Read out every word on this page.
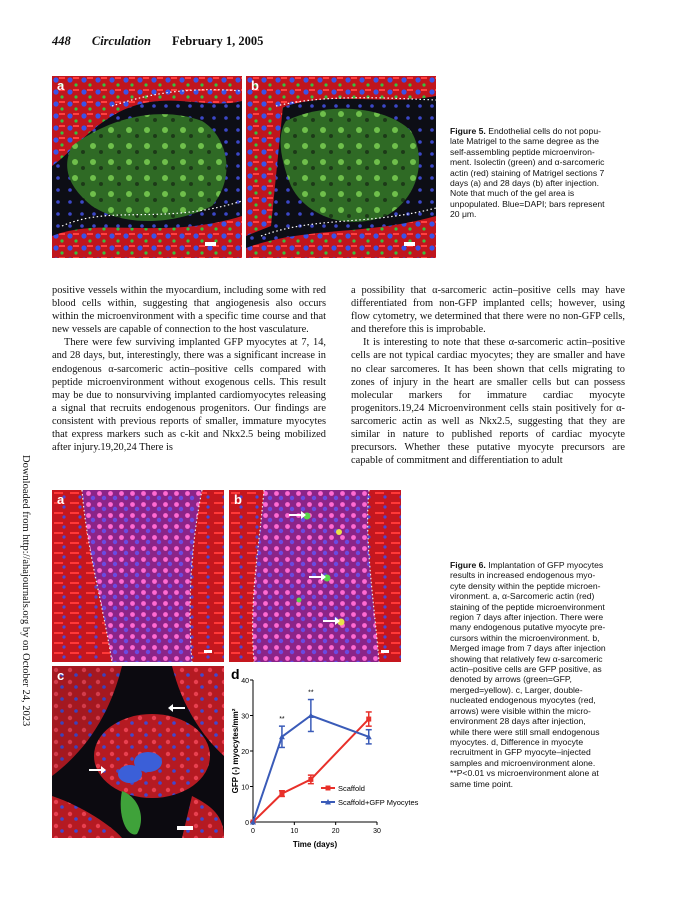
448 Circulation February 1, 2005
Downloaded from http://ahajournals.org by on October 24, 2023
a	b
Figure 5. Endothelial cells do not popu-
late Matrigel to the same degree as the
self-assembling peptide microenviron-
ment. Isolectin (green) and α-sarcomeric
actin (red) staining of Matrigel sections 7
days (a) and 28 days (b) after injection.
Note that much of the gel area is
unpopulated. Blue=DAPI; bars represent
20 μm.

positive vessels within the myocardium, including some with red blood cells within, suggesting that angiogenesis also occurs within the microenvironment with a specific time course and that new vessels are capable of connection to the host vasculature.

There were few surviving implanted GFP myocytes at 7, 14, and 28 days, but, interestingly, there was a significant increase in endogenous α-sarcomeric actin–positive cells compared with peptide microenvironment without exogenous cells. This result may be due to nonsurviving implanted cardiomyocytes releasing a signal that recruits endogenous progenitors. Our findings are consistent with previous reports of smaller, immature myocytes that express markers such as c-kit and Nkx2.5 being mobilized after injury.19,20,24 There is

a possibility that α-sarcomeric actin–positive cells may have differentiated from non-GFP implanted cells; however, using flow cytometry, we determined that there were no non-GFP cells, and therefore this is improbable.

It is interesting to note that these α-sarcomeric actin–positive cells are not typical cardiac myocytes; they are smaller and have no clear sarcomeres. It has been shown that cells migrating to zones of injury in the heart are smaller cells but can possess molecular markers for immature cardiac myocyte progenitors.19,24 Microenvironment cells stain positively for α-sarcomeric actin as well as Nkx2.5, suggesting that they are similar in nature to published reports of cardiac myocyte precursors. Whether these putative myocyte precursors are capable of commitment and differentiation to adult

a	b
c	d
0
10
20
30
40
0	10	20	30
Time (days)
GFP (-) myocytes/mm²	**
**
Scaffold
Scaffold+GFP Myocytes
Figure 6. Implantation of GFP myocytes
results in increased endogenous myo-
cyte density within the peptide microen-
vironment. a, α-Sarcomeric actin (red)
staining of the peptide microenvironment
region 7 days after injection. There were
many endogenous putative myocyte pre-
cursors within the microenvironment. b,
Merged image from 7 days after injection
showing that relatively few α-sarcomeric
actin–positive cells are GFP positive, as
denoted by arrows (green=GFP,
merged=yellow). c, Larger, double-
nucleated endogenous myocytes (red,
arrows) were visible within the micro-
environment 28 days after injection,
while there were still small endogenous
myocytes. d, Difference in myocyte
recruitment in GFP myocyte–injected
samples and microenvironment alone.
**P<0.01 vs microenvironment alone at
same time point.
